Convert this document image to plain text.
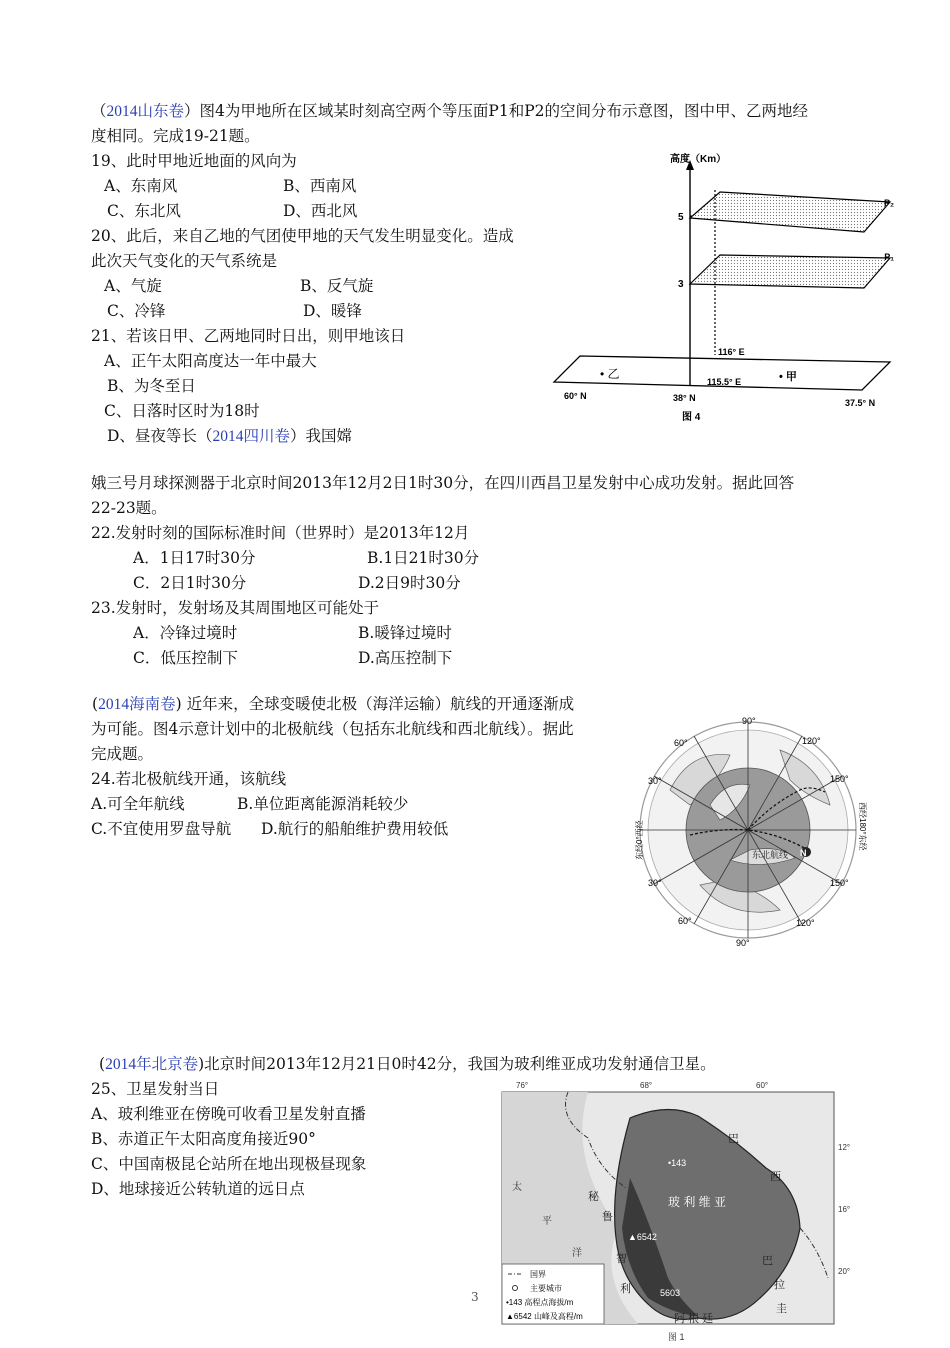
（2014山东卷）图4为甲地所在区域某时刻高空两个等压面P1和P2的空间分布示意图，图中甲、乙两地经
度相同。完成19-21题。
19、此时甲地近地面的风向为
A、东南风	B、西南风
C、东北风	D、西北风
20、此后，来自乙地的气团使甲地的天气发生明显变化。造成
此次天气变化的天气系统是
A、气旋	B、反气旋
C、冷锋	D、暖锋
21、若该日甲、乙两地同时日出，则甲地该日
A、正午太阳高度达一年中最大
B、为冬至日
C、日落时区时为18时
D、昼夜等长（2014四川卷）我国嫦
高度（Km）
5
3
P₂
P₁
116° E
• 乙	• 甲
115.5° E
60° N	38° N	37.5° N
图 4
娥三号月球探测器于北京时间2013年12月2日1时30分，在四川西昌卫星发射中心成功发射。据此回答
22-23题。
22.发射时刻的国际标准时间（世界时）是2013年12月
A．1日17时30分	B.1日21时30分
C．2日1时30分	D.2日9时30分
23.发射时，发射场及其周围地区可能处于
A．冷锋过境时	B.暖锋过境时
C．低压控制下	D.高压控制下
(2014海南卷) 近年来，全球变暖使北极（海洋运输）航线的开通逐渐成
为可能。图4示意计划中的北极航线（包括东北航线和西北航线）。据此
完成题。
24.若北极航线开通，该航线
A.可全年航线	B.单位距离能源消耗较少
C.不宜使用罗盘导航 D.航行的船舶维护费用较低
东北航线 N
90°
90°
120°
150°
60°
30°
30°
60°	120°
150°
东经0°西经	西经180°东经
(2014年北京卷)北京时间2013年12月21日0时42分，我国为玻利维亚成功发射通信卫星。
25、卫星发射当日
A、玻利维亚在傍晚可收看卫星发射直播
B、赤道正午太阳高度角接近90°
C、中国南极昆仑站所在地出现极昼现象
D、地球接近公转轨道的远日点
3
76°	68°	60°
12°
16°
20°
玻 利 维 亚
巴
西
秘
鲁
智
利
巴
拉
圭
阿 根 廷
太
平
洋
•143
▲6542
5603
国界
主要城市
•143 高程点海拔/m
▲6542 山峰及高程/m
图 1
